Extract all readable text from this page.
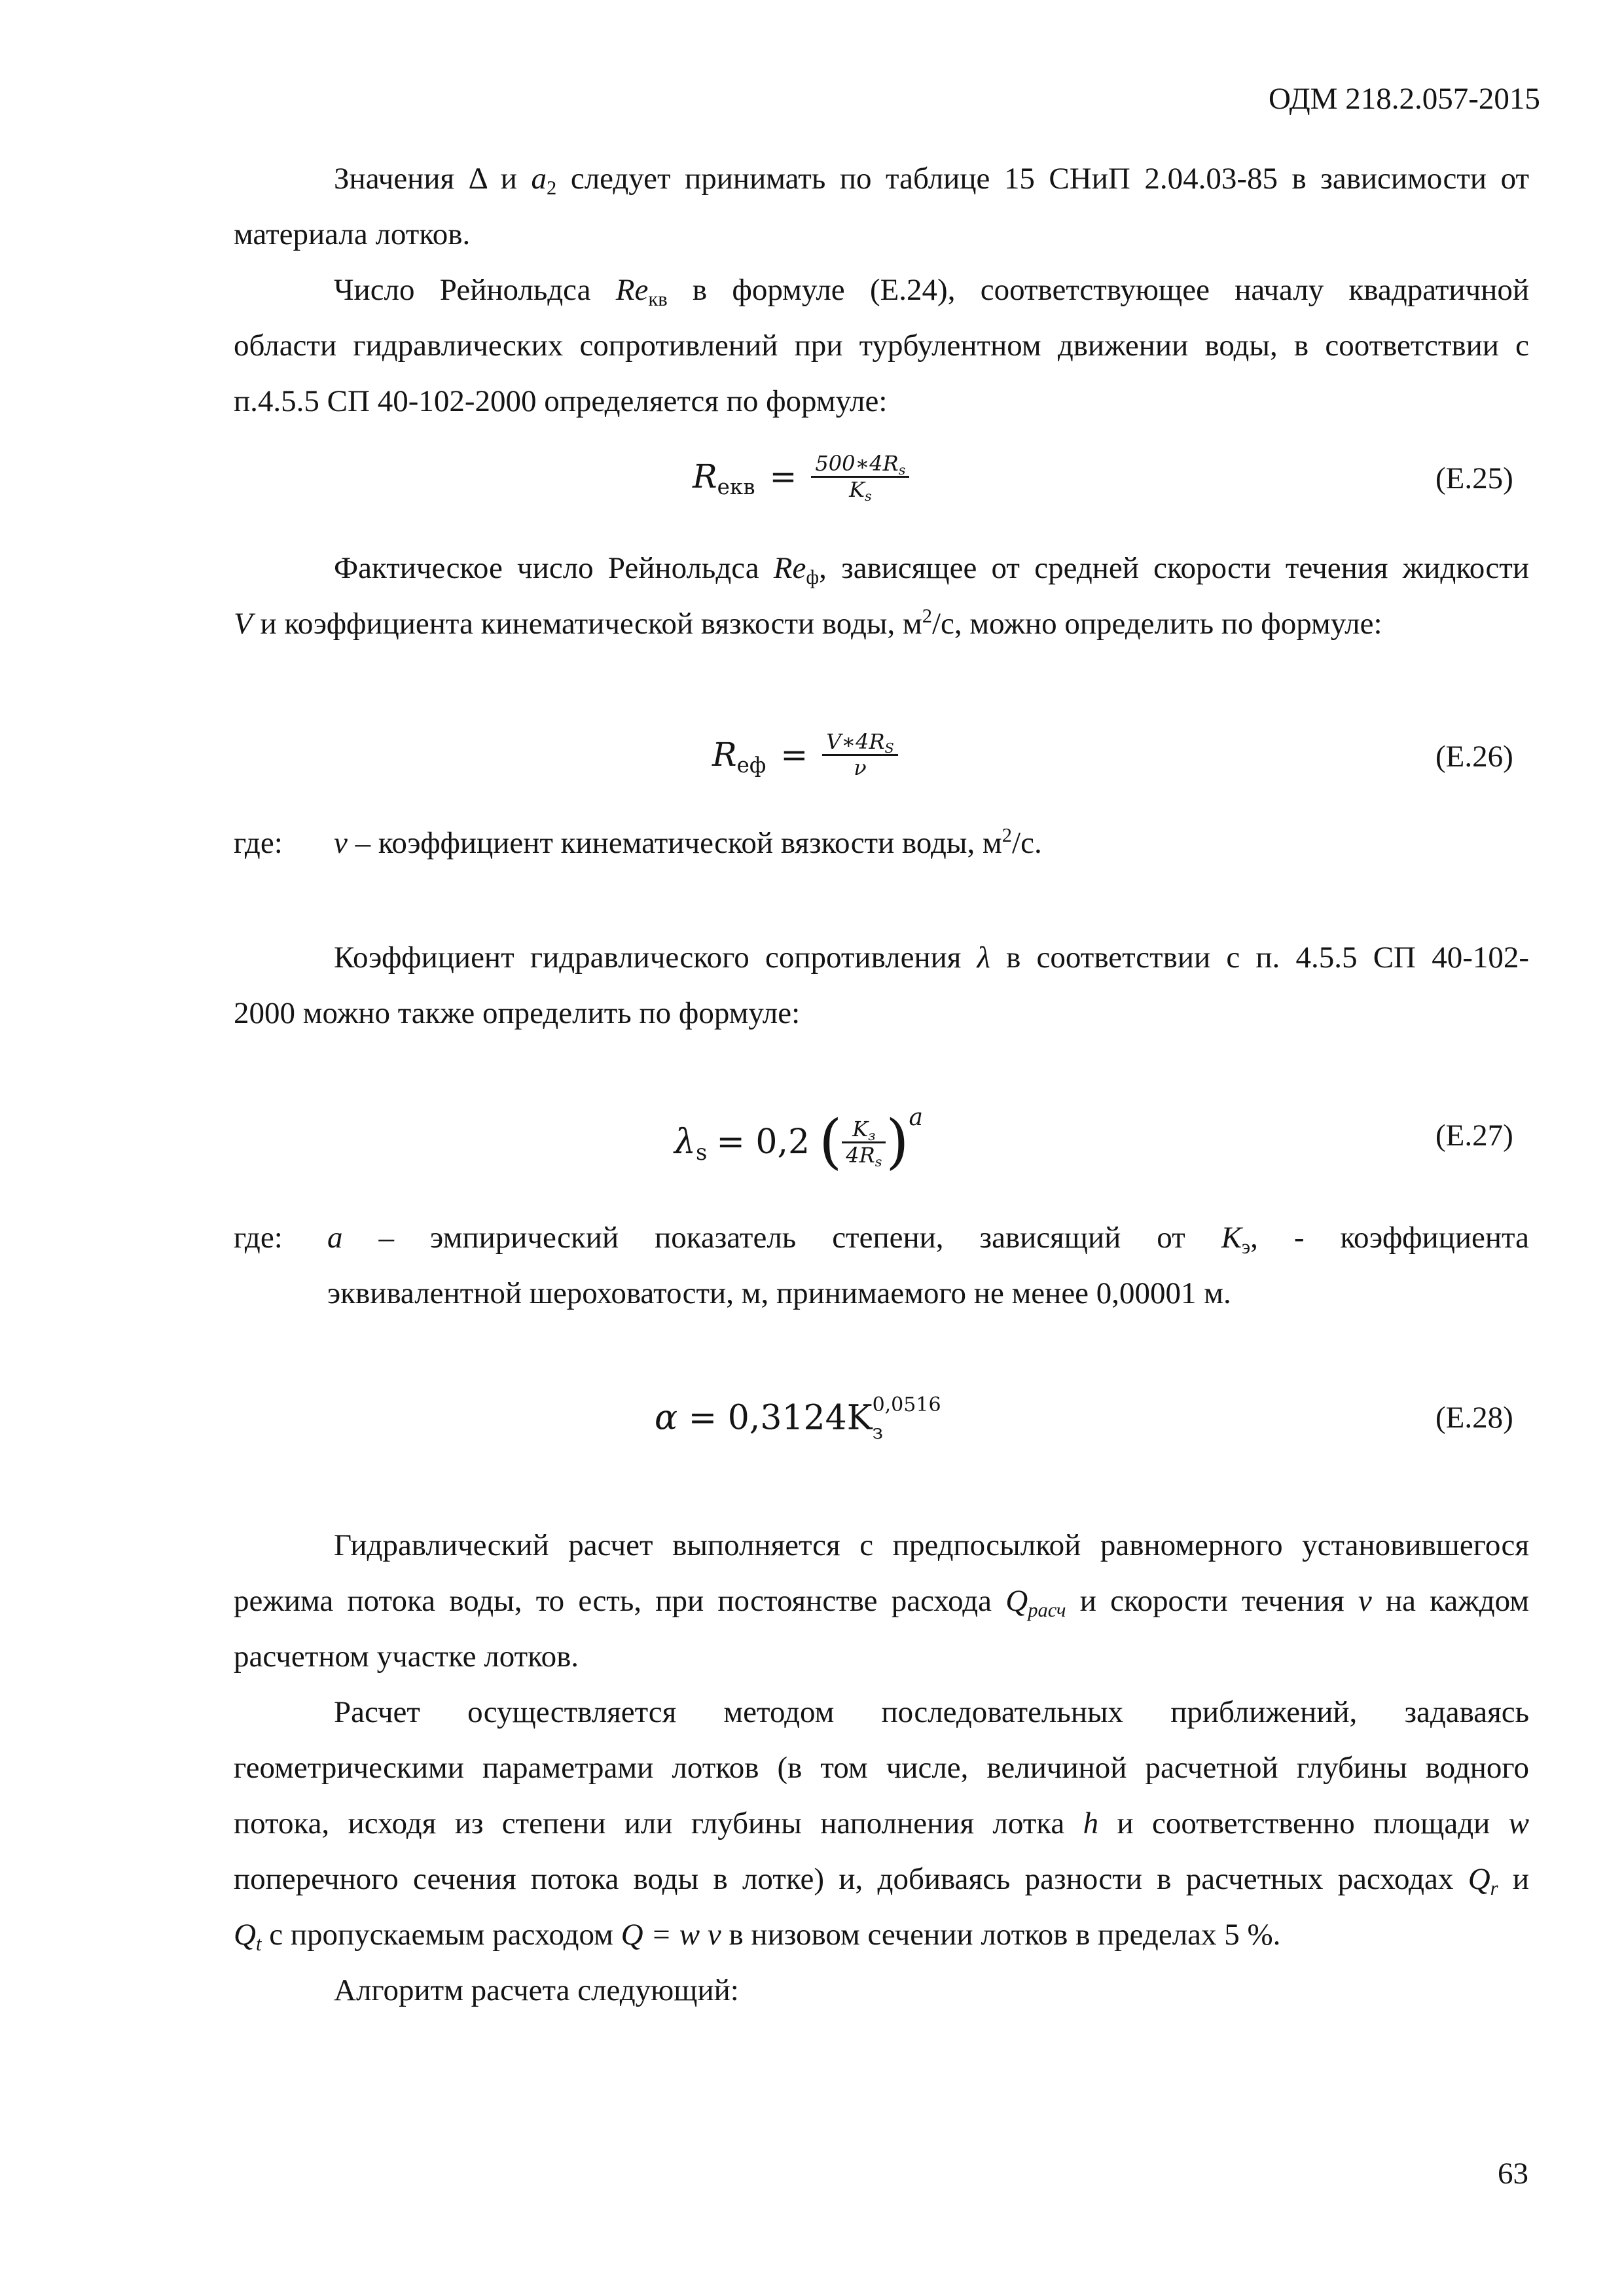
ОДМ 218.2.057-2015
Значения Δ и $a_2$ следует принимать по таблице 15 СНиП 2.04.03-85 в зависимости от
материала лотков.
Число Рейнольдса $Re_{кв}$ в формуле (Е.24), соответствующее началу квадратичной
области гидравлических сопротивлений при турбулентном движении воды, в соответствии с
п.4.5.5 СП 40-102-2000 определяется по формуле:
$R_{eкв} = \frac{500∗4R_s}{K_s}$	(Е.25)
Фактическое число Рейнольдса $Re_ф$, зависящее от средней скорости течения жидкости
V и коэффициента кинематической вязкости воды, $м^2/с$, можно определить по формуле:
$R_{eф} = \frac{V∗4R_S}{\nu}$	(Е.26)
где: ν – коэффициент кинематической вязкости воды, $м^2/с$.
Коэффициент гидравлического сопротивления λ в соответствии с п. 4.5.5 СП 40-102-
2000 можно также определить по формуле:
$\lambda_s = 0,2$ ( $\frac{K_з}{4R_s}$ ) a
(Е.27)
где: a – эмпирический показатель степени, зависящий от $K_э$, - коэффициента
эквивалентной шероховатости, м, принимаемого не менее 0,00001 м.
α = 0,3124K 0,0516
з	(Е.28)
Гидравлический расчет выполняется с предпосылкой равномерного установившегося
режима потока воды, то есть, при постоянстве расхода $Q_{расч}$ и скорости течения v на каждом
расчетном участке лотков.
Расчет    осуществляется    методом    последовательных    приближений,    задаваясь
геометрическими параметрами лотков (в том числе, величиной расчетной глубины водного
потока, исходя из степени или глубины наполнения лотка h и соответственно площади w
поперечного сечения потока воды в лотке) и, добиваясь разности в расчетных расходах $Q_r$ и
$Q_t$ с пропускаемым расходом Q = w v в низовом сечении лотков в пределах 5 %.
Алгоритм расчета следующий:
63
